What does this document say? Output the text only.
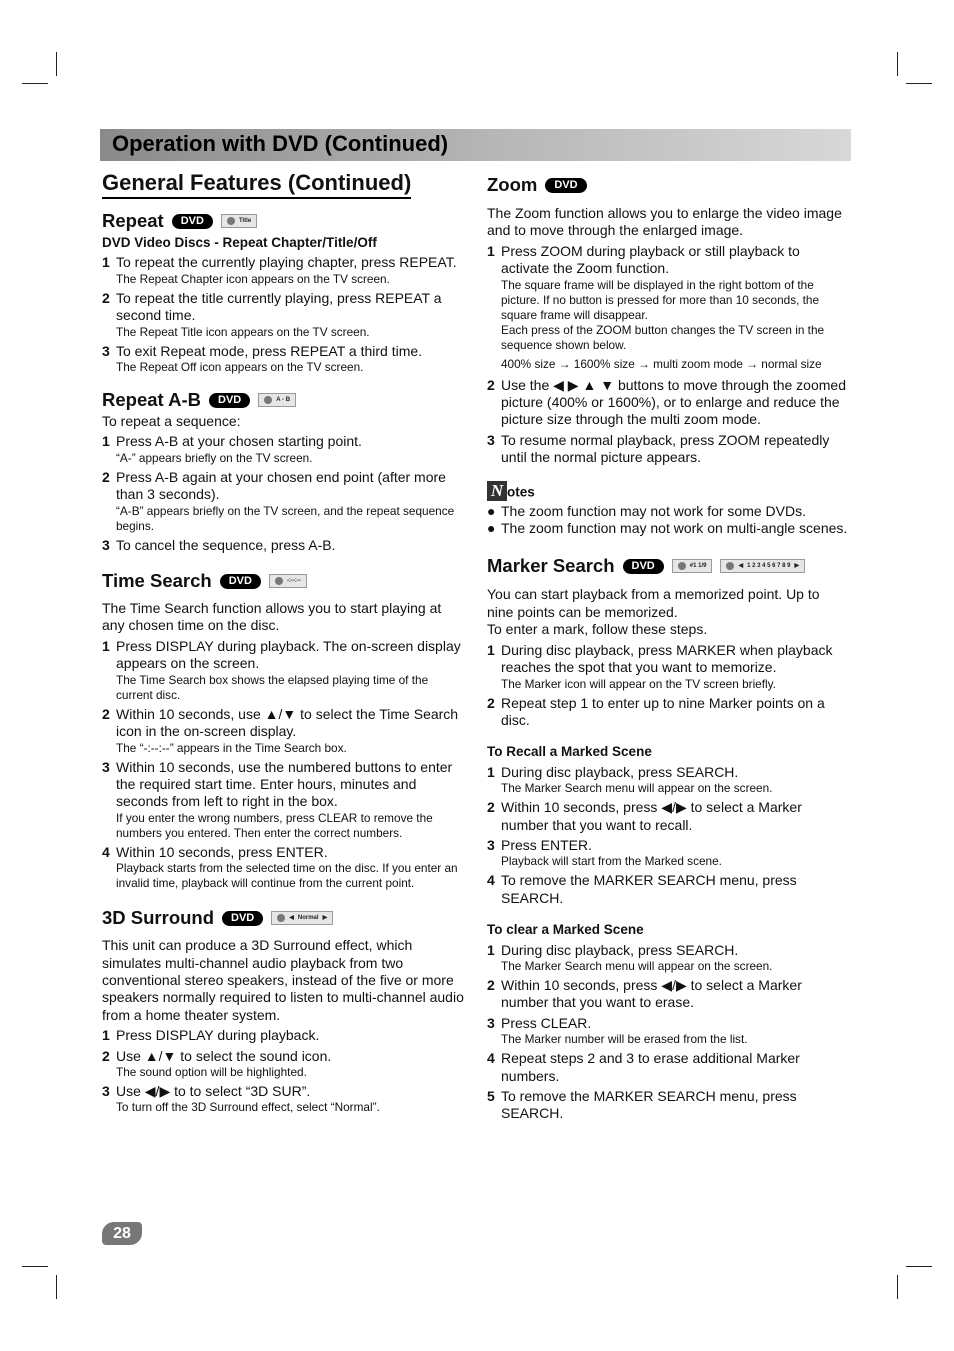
Operation with DVD (Continued)
General Features (Continued)
Repeat	DVD	Title
DVD Video Discs - Repeat Chapter/Title/Off
1 To repeat the currently playing chapter, press REPEAT.
The Repeat Chapter icon appears on the TV screen.
2 To repeat the title currently playing, press REPEAT a second time.
The Repeat Title icon appears on the TV screen.
3 To exit Repeat mode, press REPEAT a third time.
The Repeat Off icon appears on the TV screen.
Repeat A-B	DVD	A - B

To repeat a sequence:

1 Press A-B at your chosen starting point.
“A-” appears briefly on the TV screen.
2 Press A-B again at your chosen end point (after more than 3 seconds).
“A-B” appears briefly on the TV screen, and the repeat sequence begins.
3 To cancel the sequence, press A-B.
Time Search	DVD	-:--:--

The Time Search function allows you to start playing at any chosen time on the disc.

1 Press DISPLAY during playback. The on-screen display appears on the screen.
The Time Search box shows the elapsed playing time of the current disc.
2 Within 10 seconds, use ▲/▼ to select the Time Search icon in the on-screen display.
The “-:--:--” appears in the Time Search box.
3 Within 10 seconds, use the numbered buttons to enter the required start time. Enter hours, minutes and seconds from left to right in the box.
If you enter the wrong numbers, press CLEAR to remove the numbers you entered. Then enter the correct numbers.
4 Within 10 seconds, press ENTER.
Playback starts from the selected time on the disc. If you enter an invalid time, playback will continue from the current point.
3D Surround	DVD	◀ Normal ▶

This unit can produce a 3D Surround effect, which simulates multi-channel audio playback from two conventional stereo speakers, instead of the five or more speakers normally required to listen to multi-channel audio from a home theater system.

1 Press DISPLAY during playback.
2 Use ▲/▼ to select the sound icon.
The sound option will be highlighted.
3 Use ◀/▶ to to select “3D SUR”.
To turn off the 3D Surround effect, select “Normal”.
Zoom	DVD

The Zoom function allows you to enlarge the video image and to move through the enlarged image.

1 Press ZOOM during playback or still playback to activate the Zoom function.
The square frame will be displayed in the right bottom of the picture. If no button is pressed for more than 10 seconds, the square frame will disappear.
Each press of the ZOOM button changes the TV screen in the sequence shown below.
400% size → 1600% size → multi zoom mode → normal size
2 Use the ◀ ▶ ▲ ▼ buttons to move through the zoomed picture (400% or 1600%), or to enlarge and reduce the picture size through the multi zoom mode.
3 To resume normal playback, press ZOOM repeatedly until the normal picture appears.
N otes
● The zoom function may not work for some DVDs.
● The zoom function may not work on multi-angle scenes.
Marker Search	DVD	#1 1/9	◀ 1 2 3 4 5 6 7 8 9 ▶

You can start playback from a memorized point. Up to nine points can be memorized.

To enter a mark, follow these steps.

1 During disc playback, press MARKER when playback reaches the spot that you want to memorize.
The Marker icon will appear on the TV screen briefly.
2 Repeat step 1 to enter up to nine Marker points on a disc.
To Recall a Marked Scene
1 During disc playback, press SEARCH.
The Marker Search menu will appear on the screen.
2 Within 10 seconds, press ◀/▶ to select a Marker number that you want to recall.
3 Press ENTER.
Playback will start from the Marked scene.
4 To remove the MARKER SEARCH menu, press SEARCH.
To clear a Marked Scene
1 During disc playback, press SEARCH.
The Marker Search menu will appear on the screen.
2 Within 10 seconds, press ◀/▶ to select a Marker number that you want to erase.
3 Press CLEAR.
The Marker number will be erased from the list.
4 Repeat steps 2 and 3 to erase additional Marker numbers.
5 To remove the MARKER SEARCH menu, press SEARCH.
28
